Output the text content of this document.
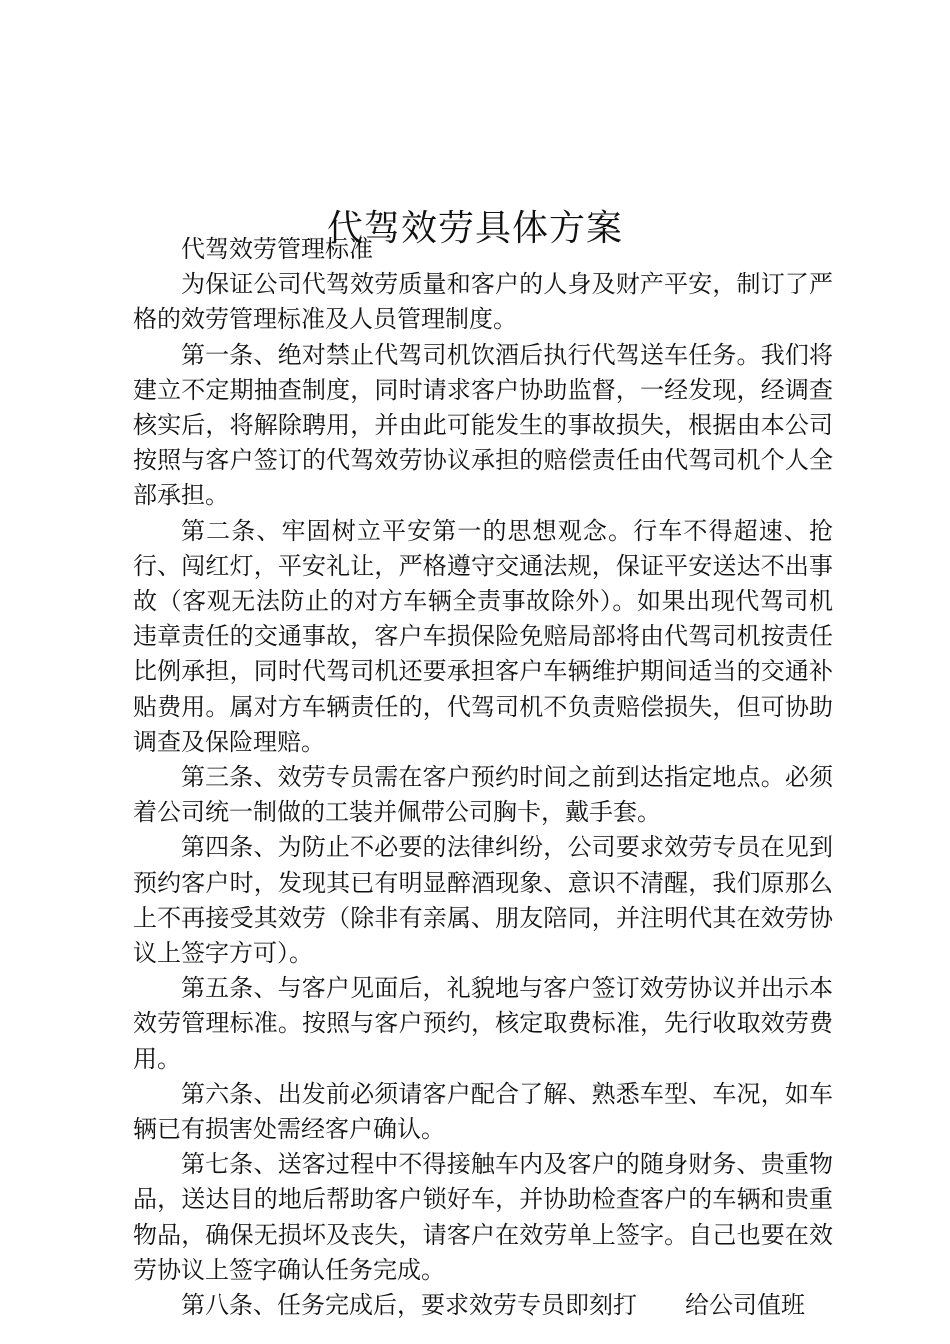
代驾效劳具体方案

代驾效劳管理标准

为保证公司代驾效劳质量和客户的人身及财产平安，制订了严格的效劳管理标准及人员管理制度。

第一条、绝对禁止代驾司机饮酒后执行代驾送车任务。我们将建立不定期抽查制度，同时请求客户协助监督，一经发现，经调查核实后，将解除聘用，并由此可能发生的事故损失，根据由本公司按照与客户签订的代驾效劳协议承担的赔偿责任由代驾司机个人全部承担。

第二条、牢固树立平安第一的思想观念。行车不得超速、抢行、闯红灯，平安礼让，严格遵守交通法规，保证平安送达不出事故（客观无法防止的对方车辆全责事故除外）。如果出现代驾司机违章责任的交通事故，客户车损保险免赔局部将由代驾司机按责任比例承担，同时代驾司机还要承担客户车辆维护期间适当的交通补贴费用。属对方车辆责任的，代驾司机不负责赔偿损失，但可协助调查及保险理赔。

第三条、效劳专员需在客户预约时间之前到达指定地点。必须着公司统一制做的工装并佩带公司胸卡，戴手套。

第四条、为防止不必要的法律纠纷，公司要求效劳专员在见到预约客户时，发现其已有明显醉酒现象、意识不清醒，我们原那么上不再接受其效劳（除非有亲属、朋友陪同，并注明代其在效劳协议上签字方可）。

第五条、与客户见面后，礼貌地与客户签订效劳协议并出示本效劳管理标准。按照与客户预约，核定取费标准，先行收取效劳费用。

第六条、出发前必须请客户配合了解、熟悉车型、车况，如车辆已有损害处需经客户确认。

第七条、送客过程中不得接触车内及客户的随身财务、贵重物品，送达目的地后帮助客户锁好车，并协助检查客户的车辆和贵重物品，确保无损坏及丧失，请客户在效劳单上签字。自己也要在效劳协议上签字确认任务完成。

第八条、任务完成后，要求效劳专员即刻打　　给公司值班
